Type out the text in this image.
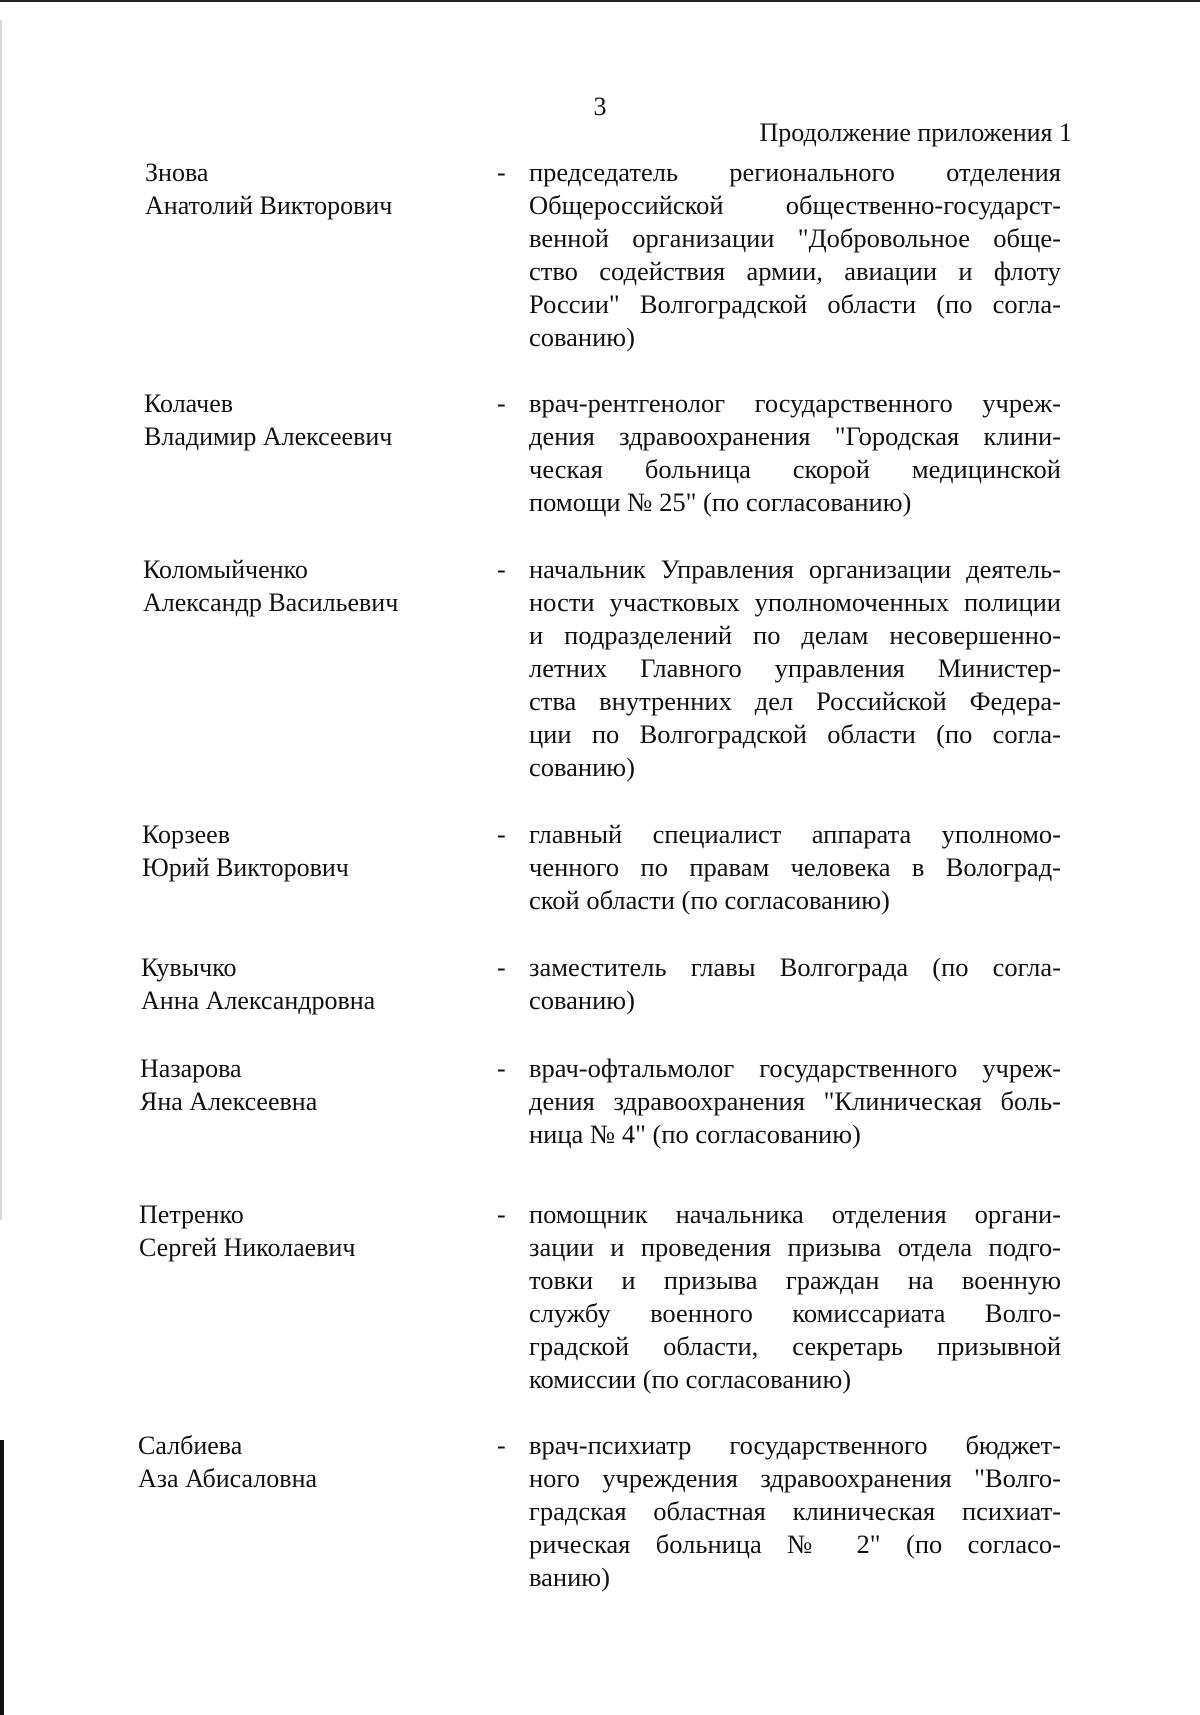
3
Продолжение приложения 1
Знова
Анатолий Викторович
- председатель регионального отделения
Общероссийской общественно-государст-
венной организации "Добровольное обще-
ство содействия армии, авиации и флоту
России" Волгоградской области (по согла-
сованию)
Колачев
Владимир Алексеевич
- врач-рентгенолог государственного учреж-
дения здравоохранения "Городская клини-
ческая больница скорой медицинской
помощи № 25" (по согласованию)
Коломыйченко
Александр Васильевич
- начальник Управления организации деятель-
ности участковых уполномоченных полиции
и подразделений по делам несовершенно-
летних Главного управления Министер-
ства внутренних дел Российской Федера-
ции по Волгоградской области (по согла-
сованию)
Корзеев
Юрий Викторович
- главный специалист аппарата уполномо-
ченного по правам человека в Волоград-
ской области (по согласованию)
Кувычко
Анна Александровна
- заместитель главы Волгограда (по согла-
сованию)
Назарова
Яна Алексеевна
- врач-офтальмолог государственного учреж-
дения здравоохранения "Клиническая боль-
ница № 4" (по согласованию)
Петренко
Сергей Николаевич
- помощник начальника отделения органи-
зации и проведения призыва отдела подго-
товки и призыва граждан на военную
службу военного комиссариата Волго-
градской области, секретарь призывной
комиссии (по согласованию)
Салбиева
Аза Абисаловна
- врач-психиатр государственного бюджет-
ного учреждения здравоохранения "Волго-
градская областная клиническая психиат-
рическая больница № 2" (по согласо-
ванию)
